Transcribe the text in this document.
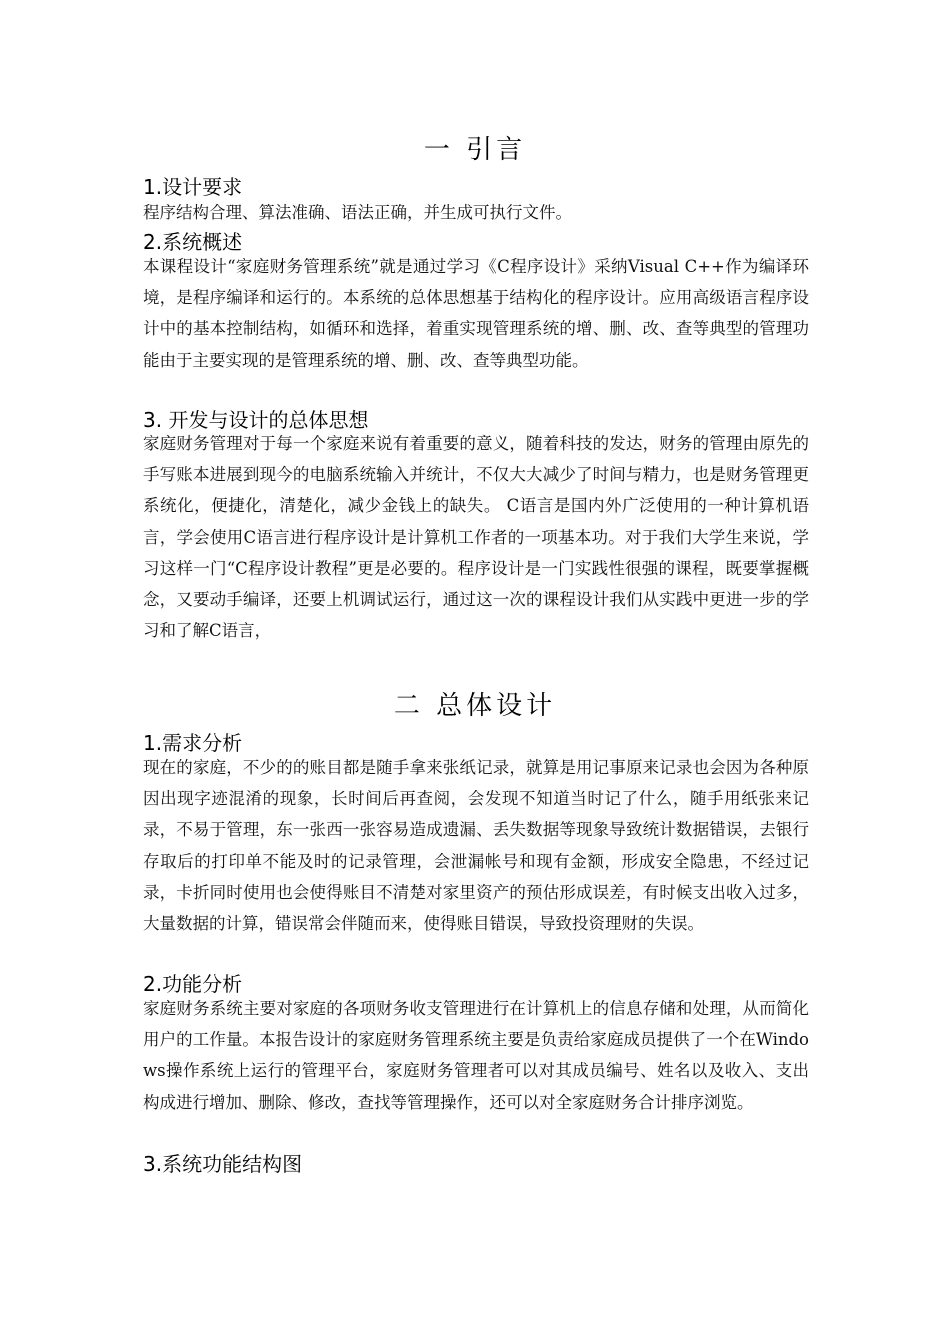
一 引言
1.设计要求

程序结构合理、算法准确、语法正确，并生成可执行文件。

2.系统概述

本课程设计“家庭财务管理系统”就是通过学习《C程序设计》采纳Visual C++作为编译环境，是程序编译和运行的。本系统的总体思想基于结构化的程序设计。应用高级语言程序设计中的基本控制结构，如循环和选择，着重实现管理系统的增、删、改、查等典型的管理功能由于主要实现的是管理系统的增、删、改、查等典型功能。

3. 开发与设计的总体思想

家庭财务管理对于每一个家庭来说有着重要的意义，随着科技的发达，财务的管理由原先的手写账本进展到现今的电脑系统输入并统计，不仅大大减少了时间与精力，也是财务管理更系统化，便捷化，清楚化，减少金钱上的缺失。 C语言是国内外广泛使用的一种计算机语言，学会使用C语言进行程序设计是计算机工作者的一项基本功。对于我们大学生来说，学习这样一门“C程序设计教程”更是必要的。程序设计是一门实践性很强的课程，既要掌握概念，又要动手编译，还要上机调试运行，通过这一次的课程设计我们从实践中更进一步的学习和了解C语言，

二 总体设计
1.需求分析

现在的家庭，不少的的账目都是随手拿来张纸记录，就算是用记事原来记录也会因为各种原因出现字迹混淆的现象，长时间后再查阅，会发现不知道当时记了什么，随手用纸张来记录，不易于管理，东一张西一张容易造成遗漏、丢失数据等现象导致统计数据错误，去银行存取后的打印单不能及时的记录管理，会泄漏帐号和现有金额，形成安全隐患，不经过记录，卡折同时使用也会使得账目不清楚对家里资产的预估形成误差，有时候支出收入过多，大量数据的计算，错误常会伴随而来，使得账目错误，导致投资理财的失误。

2.功能分析

家庭财务系统主要对家庭的各项财务收支管理进行在计算机上的信息存储和处理，从而简化用户的工作量。本报告设计的家庭财务管理系统主要是负责给家庭成员提供了一个在Windows操作系统上运行的管理平台，家庭财务管理者可以对其成员编号、姓名以及收入、支出构成进行增加、删除、修改，查找等管理操作，还可以对全家庭财务合计排序浏览。

3.系统功能结构图
